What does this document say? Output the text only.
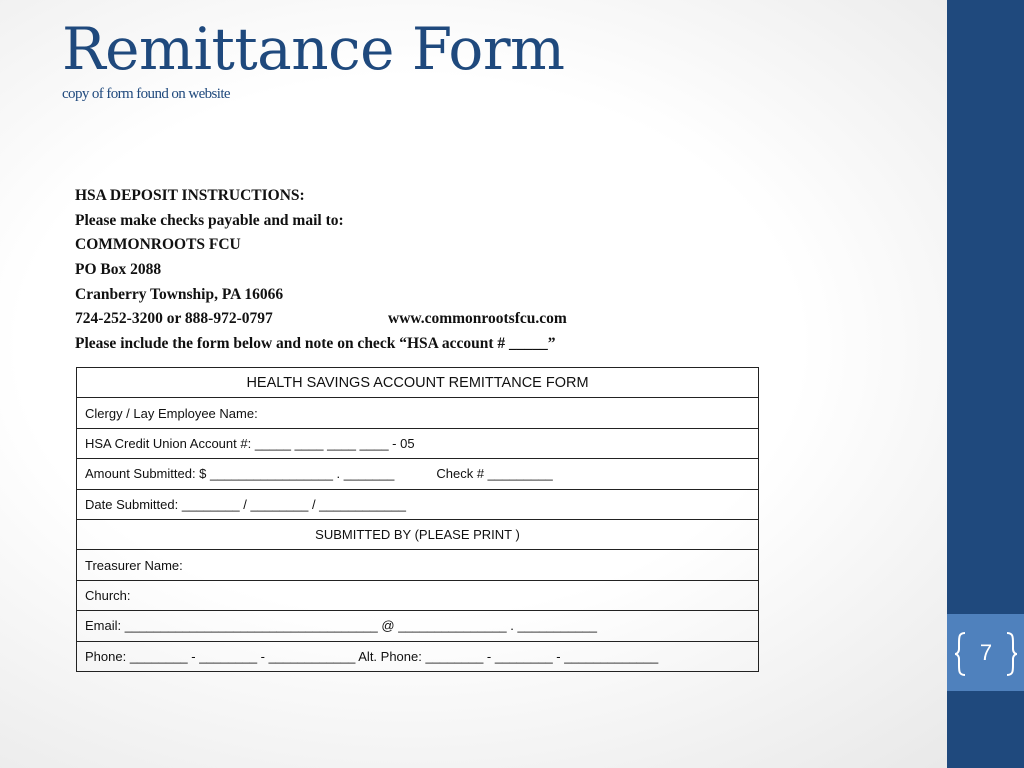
7
Remittance Form
copy of form found on website
HSA DEPOSIT INSTRUCTIONS:
Please make checks payable and mail to:
COMMONROOTS FCU
PO Box 2088
Cranberry Township, PA 16066
724-252-3200 or 888-972-0797	www.commonrootsfcu.com
Please include the form below and note on check “HSA account # _____”
HEALTH SAVINGS ACCOUNT REMITTANCE FORM
Clergy / Lay Employee Name:
HSA Credit Union Account #: _____ ____ ____ ____ - 05
Amount Submitted: $ _________________ . _______	Check # _________
Date Submitted: ________ / ________ / ____________
SUBMITTED BY (PLEASE PRINT )
Treasurer Name:
Church:
Email: ___________________________________ @ _______________ . ___________
Phone: ________ - ________ - ____________ Alt. Phone: ________ - ________ - _____________
